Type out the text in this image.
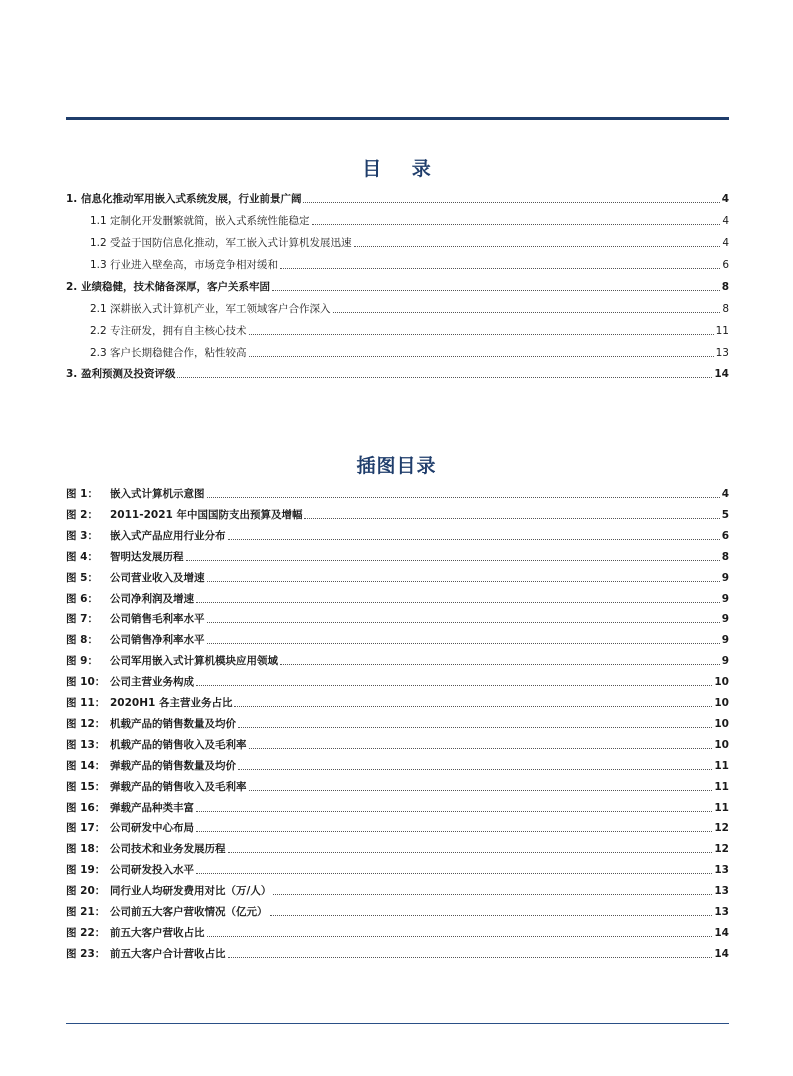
目 录
1. 信息化推动军用嵌入式系统发展，行业前景广阔	4
1.1 定制化开发删繁就简，嵌入式系统性能稳定	4
1.2 受益于国防信息化推动，军工嵌入式计算机发展迅速	4
1.3 行业进入壁垒高，市场竞争相对缓和	6
2. 业绩稳健，技术储备深厚，客户关系牢固	8
2.1 深耕嵌入式计算机产业，军工领域客户合作深入	8
2.2 专注研发，拥有自主核心技术	11
2.3 客户长期稳健合作，粘性较高	13
3. 盈利预测及投资评级	14
插图目录
图 1： 嵌入式计算机示意图	4
图 2： 2011-2021 年中国国防支出预算及增幅	5
图 3： 嵌入式产品应用行业分布	6
图 4： 智明达发展历程	8
图 5： 公司营业收入及增速	9
图 6： 公司净利润及增速	9
图 7： 公司销售毛利率水平	9
图 8： 公司销售净利率水平	9
图 9： 公司军用嵌入式计算机模块应用领域	9
图 10： 公司主营业务构成	10
图 11： 2020H1 各主营业务占比	10
图 12： 机载产品的销售数量及均价	10
图 13： 机载产品的销售收入及毛利率	10
图 14： 弹载产品的销售数量及均价	11
图 15： 弹载产品的销售收入及毛利率	11
图 16： 弹载产品种类丰富	11
图 17： 公司研发中心布局	12
图 18： 公司技术和业务发展历程	12
图 19： 公司研发投入水平	13
图 20： 同行业人均研发费用对比（万/人）	13
图 21： 公司前五大客户营收情况（亿元）	13
图 22： 前五大客户营收占比	14
图 23： 前五大客户合计营收占比	14
